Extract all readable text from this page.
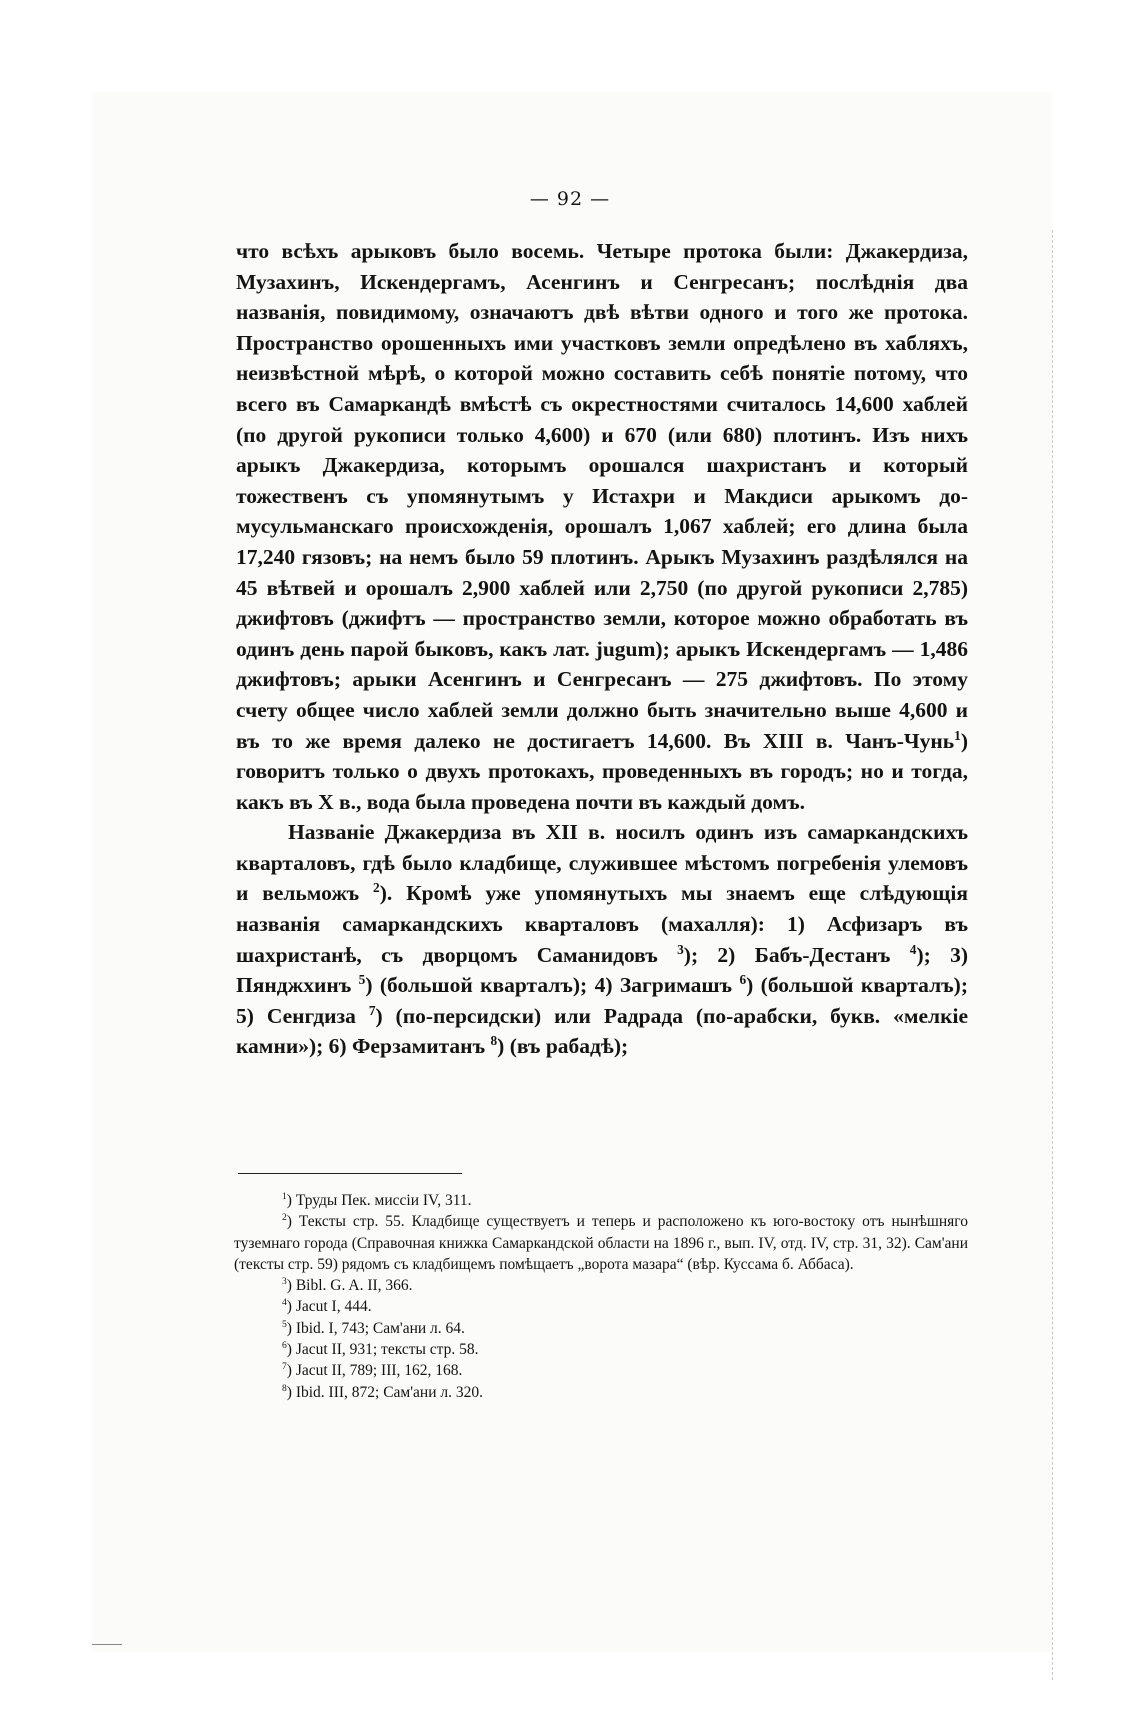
— 92 —

что всѣхъ арыковъ было восемь. Четыре протока были: Джакердиза, Музахинъ, Искендергамъ, Асенгинъ и Сенгресанъ; послѣднія два названія, повидимому, означаютъ двѣ вѣтви одного и того же протока. Пространство орошенныхъ ими участковъ земли опредѣлено въ хабляхъ, неизвѣстной мѣрѣ, о которой можно составить себѣ понятіе потому, что всего въ Самаркандѣ вмѣстѣ съ окрестностями считалось 14,600 хаблей (по другой рукописи только 4,600) и 670 (или 680) плотинъ. Изъ нихъ арыкъ Джакердиза, которымъ орошался шахристанъ и который тожественъ съ упомянутымъ у Истахри и Макдиси арыкомъ до-мусульманскаго происхожденія, орошалъ 1,067 хаблей; его длина была 17,240 гязовъ; на немъ было 59 плотинъ. Арыкъ Музахинъ раздѣлялся на 45 вѣтвей и орошалъ 2,900 хаблей или 2,750 (по другой рукописи 2,785) джифтовъ (джифтъ — пространство земли, которое можно обработать въ одинъ день парой быковъ, какъ лат. jugum); арыкъ Искендергамъ — 1,486 джифтовъ; арыки Асенгинъ и Сенгресанъ — 275 джифтовъ. По этому счету общее число хаблей земли должно быть значительно выше 4,600 и въ то же время далеко не достигаетъ 14,600. Въ XIII в. Чанъ-Чунь$^1$) говоритъ только о двухъ протокахъ, проведенныхъ въ городъ; но и тогда, какъ въ X в., вода была проведена почти въ каждый домъ.

Названіе Джакердиза въ XII в. носилъ одинъ изъ самаркандскихъ кварталовъ, гдѣ было кладбище, служившее мѣстомъ погребенія улемовъ и вельможъ $^2$). Кромѣ уже упомянутыхъ мы знаемъ еще слѣдующія названія самаркандскихъ кварталовъ (махалля): 1) Асфизаръ въ шахристанѣ, съ дворцомъ Саманидовъ $^3$); 2) Бабъ-Дестанъ $^4$); 3) Пянджхинъ $^5$) (большой кварталъ); 4) Загримашъ $^6$) (большой кварталъ); 5) Сенгдиза $^7$) (по-персидски) или Радрада (по-арабски, букв. «мелкіе камни»); 6) Ферзамитанъ $^8$) (въ рабадѣ);

$^1$) Труды Пек. миссіи IV, 311.

$^2$) Тексты стр. 55. Кладбище существуетъ и теперь и расположено къ юго-востоку отъ нынѣшняго туземнаго города (Справочная книжка Самаркандской области на 1896 г., вып. IV, отд. IV, стр. 31, 32). Сам'ани (тексты стр. 59) рядомъ съ кладбищемъ помѣщаетъ „ворота мазара“ (вѣр. Куссама б. Аббаса).

$^3$) Bibl. G. A. II, 366.

$^4$) Jacut I, 444.

$^5$) Ibid. I, 743; Сам'ани л. 64.

$^6$) Jacut II, 931; тексты стр. 58.

$^7$) Jacut II, 789; III, 162, 168.

$^8$) Ibid. III, 872; Сам'ани л. 320.
